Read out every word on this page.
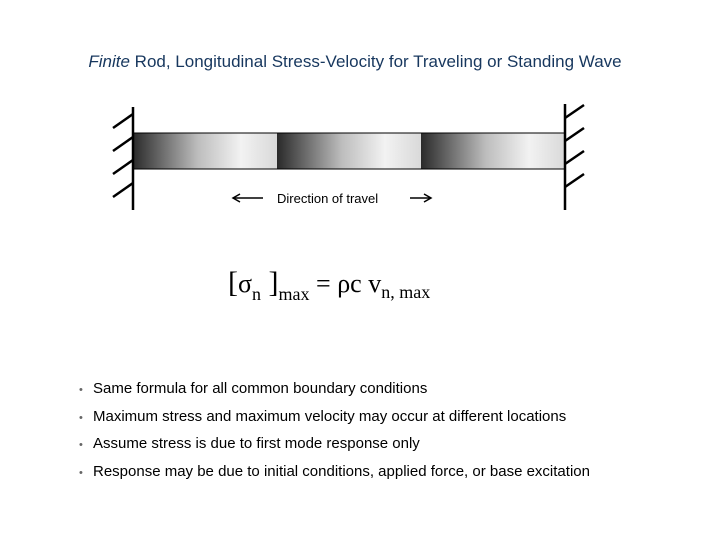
Finite Rod, Longitudinal Stress-Velocity for Traveling or Standing Wave
Direction of travel
[$\sigma_n$ ]$_{max} = \rho c$ $v_{n, max}$
• Same formula for all common boundary conditions
• Maximum stress and maximum velocity may occur at different locations
• Assume stress is due to first mode response only
• Response may be due to initial conditions, applied force, or base excitation
